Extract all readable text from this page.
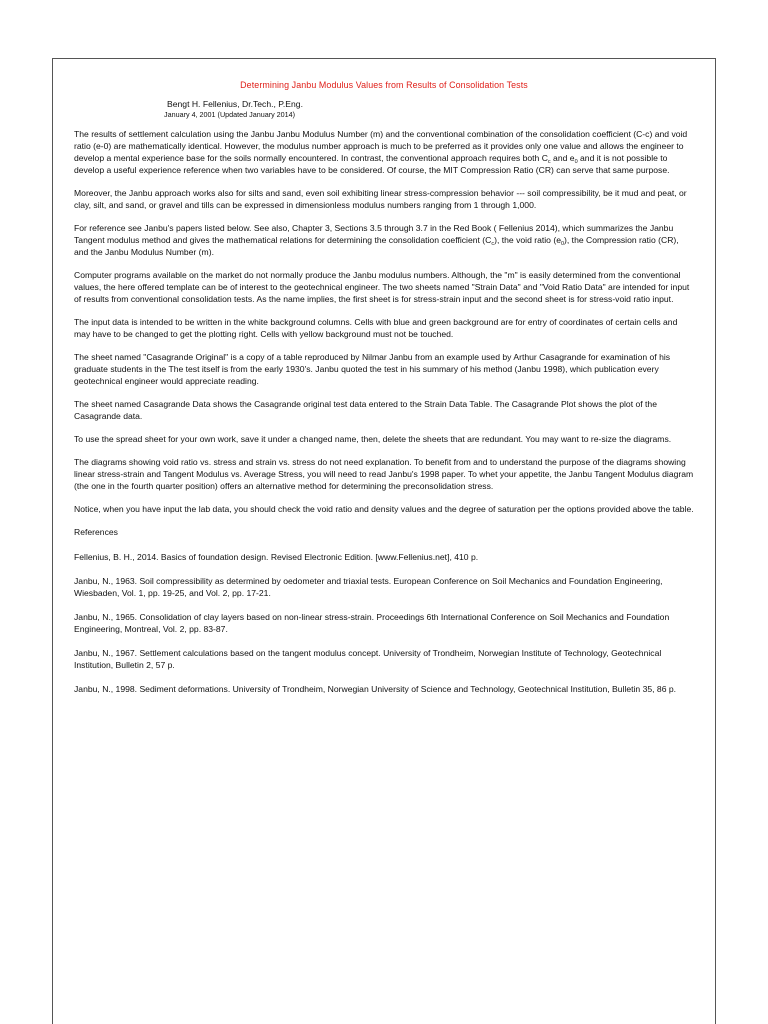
Determining Janbu Modulus Values from Results of Consolidation Tests
Bengt H. Fellenius, Dr.Tech., P.Eng.
January 4, 2001 (Updated January 2014)

The results of settlement calculation using the Janbu Janbu Modulus Number (m) and the conventional combination of the consolidation coefficient (C-c) and void ratio (e-0) are mathematically identical. However, the modulus number approach is much to be preferred as it provides only one value and allows the engineer to develop a mental experience base for the soils normally encountered. In contrast, the conventional approach requires both $C_c$ and $e_0$ and it is not possible to develop a useful experience reference when two variables have to be considered. Of course, the MIT Compression Ratio (CR) can serve that same purpose.

Moreover, the Janbu approach works also for silts and sand, even soil exhibiting linear stress-compression behavior --- soil compressibility, be it mud and peat, or clay, silt, and sand, or gravel and tills can be expressed in dimensionless modulus numbers ranging from 1 through 1,000.

For reference see Janbu's papers listed below. See also, Chapter 3, Sections 3.5 through 3.7 in the Red Book ( Fellenius 2014), which summarizes the Janbu Tangent modulus method and gives the mathematical relations for determining the consolidation coefficient $(C_c)$, the void ratio $(e_0)$, the Compression ratio (CR), and the Janbu Modulus Number (m).

Computer programs available on the market do not normally produce the Janbu modulus numbers. Although, the "m" is easily determined from the conventional values, the here offered template can be of interest to the geotechnical engineer. The two sheets named "Strain Data" and "Void Ratio Data" are intended for input of results from conventional consolidation tests. As the name implies, the first sheet is for stress-strain input and the second sheet is for stress-void ratio input.

The input data is intended to be written in the white background columns. Cells with blue and green background are for entry of coordinates of certain cells and may have to be changed to get the plotting right. Cells with yellow background must not be touched.

The sheet named "Casagrande Original" is a copy of a table reproduced by Nilmar Janbu from an example used by Arthur Casagrande for examination of his graduate students in the The test itself is from the early 1930's. Janbu quoted the test in his summary of his method (Janbu 1998), which publication every geotechnical engineer would appreciate reading.

The sheet named Casagrande Data shows the Casagrande original test data entered to the Strain Data Table. The Casagrande Plot shows the plot of the Casagrande data.

To use the spread sheet for your own work, save it under a changed name, then, delete the sheets that are redundant. You may want to re-size the diagrams.

The diagrams showing void ratio vs. stress and strain vs. stress do not need explanation. To benefit from and to understand the purpose of the diagrams showing linear stress-strain and Tangent Modulus vs. Average Stress, you will need to read Janbu's 1998 paper. To whet your appetite, the Janbu Tangent Modulus diagram (the one in the fourth quarter position) offers an alternative method for determining the preconsolidation stress.

Notice, when you have input the lab data, you should check the void ratio and density values and the degree of saturation per the options provided above the table.

References
Fellenius, B. H., 2014. Basics of foundation design. Revised Electronic Edition. [www.Fellenius.net], 410 p.
Janbu, N., 1963. Soil compressibility as determined by oedometer and triaxial tests. European Conference on Soil Mechanics and Foundation Engineering, Wiesbaden, Vol. 1, pp. 19-25, and Vol. 2, pp. 17-21.
Janbu, N., 1965. Consolidation of clay layers based on non-linear stress-strain. Proceedings 6th International Conference on Soil Mechanics and Foundation Engineering, Montreal, Vol. 2, pp. 83-87.
Janbu, N., 1967. Settlement calculations based on the tangent modulus concept. University of Trondheim, Norwegian Institute of Technology, Geotechnical Institution, Bulletin 2, 57 p.
Janbu, N., 1998. Sediment deformations. University of Trondheim, Norwegian University of Science and Technology, Geotechnical Institution, Bulletin 35, 86 p.
